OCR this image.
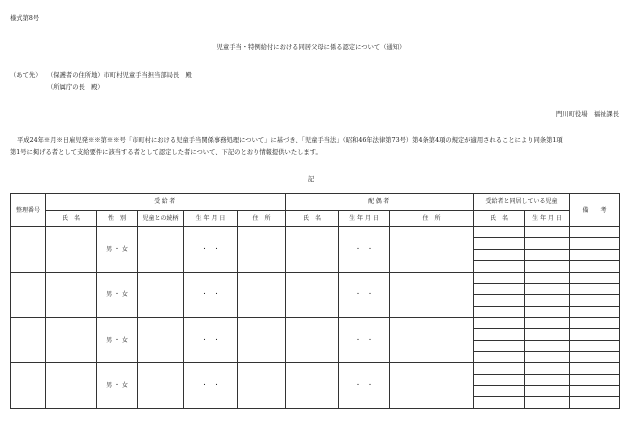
様式第8号
児童手当・特例給付における同居父母に係る認定について（通知）
（あて先） （保護者の住所地）市町村児童手当担当部局長　殿
（所属庁の長　殿）
門川町役場　福祉課長
平成24年※月※日雇児発※※第※※号「市町村における児童手当関係事務処理について」に基づき、「児童手当法」（昭和46年法律第73号）第4条第4項の規定が適用されることにより同条第1項
第1号に掲げる者として支給要件に該当する者として認定した者について、下記のとおり情報提供いたします。
記
整理番号	受給者					配偶者			受給者と同居している児童		備　　考
	氏　名	性　別	児童との続柄	生 年 月 日	住　所	氏　名	生 年 月 日	住　所	氏　名	生 年 月 日	
		男 ・ 女		・　・			・　・				

		男 ・ 女		・　・			・　・				

		男 ・ 女		・　・			・　・				

		男 ・ 女		・　・			・　・				
